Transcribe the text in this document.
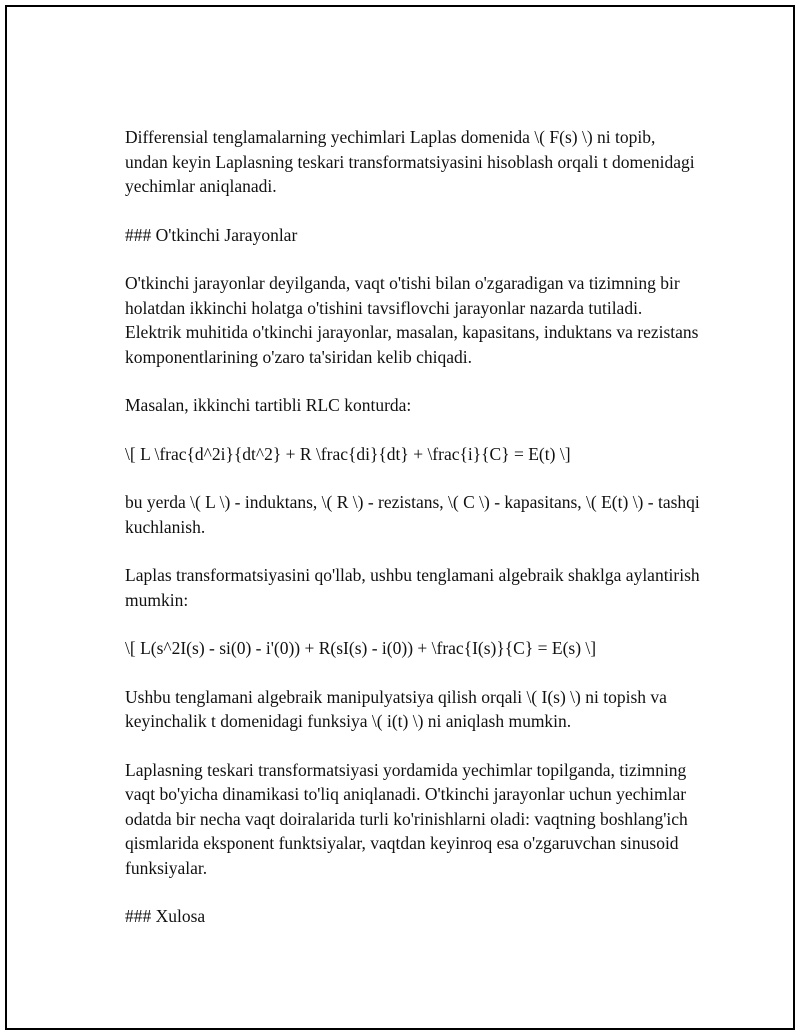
Differensial tenglamalarning yechimlari Laplas domenida \( F(s) \) ni topib, undan keyin Laplasning teskari transformatsiyasini hisoblash orqali t domenidagi yechimlar aniqlanadi.

### O'tkinchi Jarayonlar

O'tkinchi jarayonlar deyilganda, vaqt o'tishi bilan o'zgaradigan va tizimning bir holatdan ikkinchi holatga o'tishini tavsiflovchi jarayonlar nazarda tutiladi. Elektrik muhitida o'tkinchi jarayonlar, masalan, kapasitans, induktans va rezistans komponentlarining o'zaro ta'siridan kelib chiqadi.

Masalan, ikkinchi tartibli RLC konturda:

\[ L \frac{d^2i}{dt^2} + R \frac{di}{dt} + \frac{i}{C} = E(t) \]

bu yerda \( L \) - induktans, \( R \) - rezistans, \( C \) - kapasitans, \( E(t) \) - tashqi kuchlanish.

Laplas transformatsiyasini qo'llab, ushbu tenglamani algebraik shaklga aylantirish mumkin:

\[ L(s^2I(s) - si(0) - i'(0)) + R(sI(s) - i(0)) + \frac{I(s)}{C} = E(s) \]

Ushbu tenglamani algebraik manipulyatsiya qilish orqali \( I(s) \) ni topish va keyinchalik t domenidagi funksiya \( i(t) \) ni aniqlash mumkin.

Laplasning teskari transformatsiyasi yordamida yechimlar topilganda, tizimning vaqt bo'yicha dinamikasi to'liq aniqlanadi. O'tkinchi jarayonlar uchun yechimlar odatda bir necha vaqt doiralarida turli ko'rinishlarni oladi: vaqtning boshlang'ich qismlarida eksponent funktsiyalar, vaqtdan keyinroq esa o'zgaruvchan sinusoid funksiyalar.

### Xulosa
